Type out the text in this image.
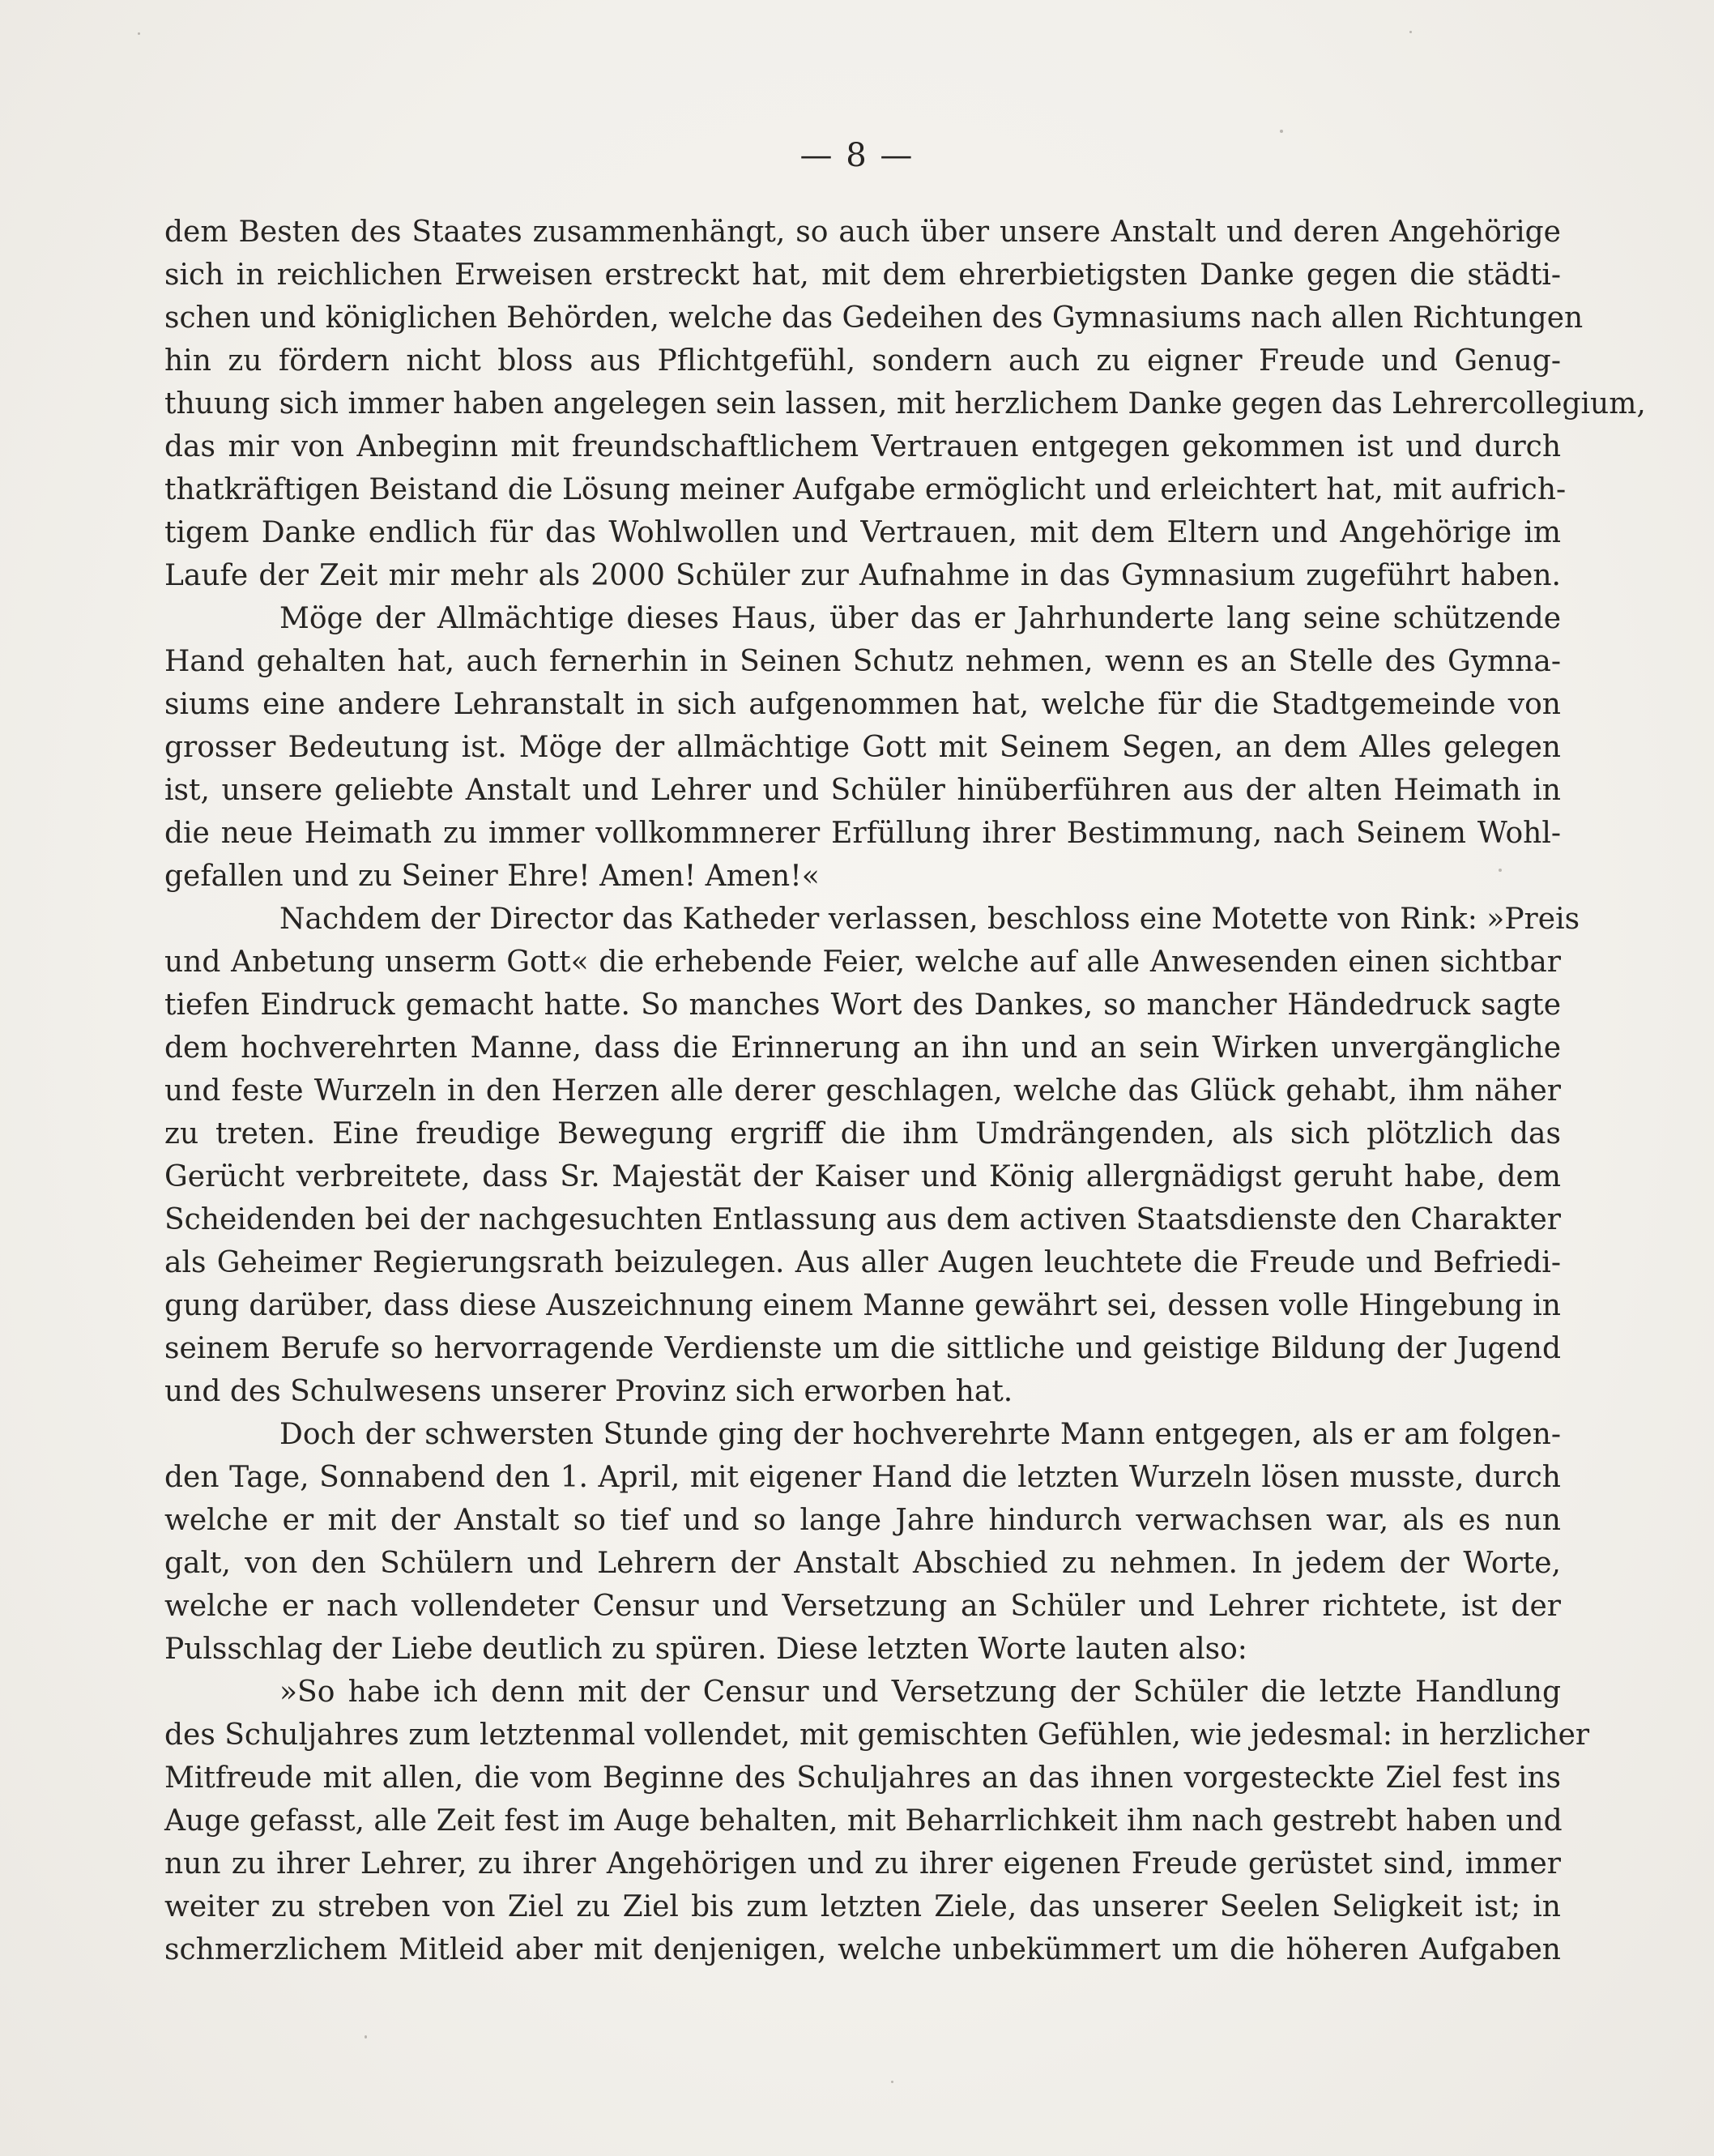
— 8 —
dem Besten des Staates zusammenhängt, so auch über unsere Anstalt und deren Angehörige
sich in reichlichen Erweisen erstreckt hat, mit dem ehrerbietigsten Danke gegen die städti-
schen und königlichen Behörden, welche das Gedeihen des Gymnasiums nach allen Richtungen
hin zu fördern nicht bloss aus Pflichtgefühl, sondern auch zu eigner Freude und Genug-
thuung sich immer haben angelegen sein lassen, mit herzlichem Danke gegen das Lehrercollegium,
das mir von Anbeginn mit freundschaftlichem Vertrauen entgegen gekommen ist und durch
thatkräftigen Beistand die Lösung meiner Aufgabe ermöglicht und erleichtert hat, mit aufrich-
tigem Danke endlich für das Wohlwollen und Vertrauen, mit dem Eltern und Angehörige im
Laufe der Zeit mir mehr als 2000 Schüler zur Aufnahme in das Gymnasium zugeführt haben.
Möge der Allmächtige dieses Haus, über das er Jahrhunderte lang seine schützende
Hand gehalten hat, auch fernerhin in Seinen Schutz nehmen, wenn es an Stelle des Gymna-
siums eine andere Lehranstalt in sich aufgenommen hat, welche für die Stadtgemeinde von
grosser Bedeutung ist. Möge der allmächtige Gott mit Seinem Segen, an dem Alles gelegen
ist, unsere geliebte Anstalt und Lehrer und Schüler hinüberführen aus der alten Heimath in
die neue Heimath zu immer vollkommnerer Erfüllung ihrer Bestimmung, nach Seinem Wohl-
gefallen und zu Seiner Ehre! Amen! Amen!«
Nachdem der Director das Katheder verlassen, beschloss eine Motette von Rink: »Preis
und Anbetung unserm Gott« die erhebende Feier, welche auf alle Anwesenden einen sichtbar
tiefen Eindruck gemacht hatte. So manches Wort des Dankes, so mancher Händedruck sagte
dem hochverehrten Manne, dass die Erinnerung an ihn und an sein Wirken unvergängliche
und feste Wurzeln in den Herzen alle derer geschlagen, welche das Glück gehabt, ihm näher
zu treten. Eine freudige Bewegung ergriff die ihm Umdrängenden, als sich plötzlich das
Gerücht verbreitete, dass Sr. Majestät der Kaiser und König allergnädigst geruht habe, dem
Scheidenden bei der nachgesuchten Entlassung aus dem activen Staatsdienste den Charakter
als Geheimer Regierungsrath beizulegen. Aus aller Augen leuchtete die Freude und Befriedi-
gung darüber, dass diese Auszeichnung einem Manne gewährt sei, dessen volle Hingebung in
seinem Berufe so hervorragende Verdienste um die sittliche und geistige Bildung der Jugend
und des Schulwesens unserer Provinz sich erworben hat.
Doch der schwersten Stunde ging der hochverehrte Mann entgegen, als er am folgen-
den Tage, Sonnabend den 1. April, mit eigener Hand die letzten Wurzeln lösen musste, durch
welche er mit der Anstalt so tief und so lange Jahre hindurch verwachsen war, als es nun
galt, von den Schülern und Lehrern der Anstalt Abschied zu nehmen. In jedem der Worte,
welche er nach vollendeter Censur und Versetzung an Schüler und Lehrer richtete, ist der
Pulsschlag der Liebe deutlich zu spüren. Diese letzten Worte lauten also:
»So habe ich denn mit der Censur und Versetzung der Schüler die letzte Handlung
des Schuljahres zum letztenmal vollendet, mit gemischten Gefühlen, wie jedesmal: in herzlicher
Mitfreude mit allen, die vom Beginne des Schuljahres an das ihnen vorgesteckte Ziel fest ins
Auge gefasst, alle Zeit fest im Auge behalten, mit Beharrlichkeit ihm nach gestrebt haben und
nun zu ihrer Lehrer, zu ihrer Angehörigen und zu ihrer eigenen Freude gerüstet sind, immer
weiter zu streben von Ziel zu Ziel bis zum letzten Ziele, das unserer Seelen Seligkeit ist; in
schmerzlichem Mitleid aber mit denjenigen, welche unbekümmert um die höheren Aufgaben
